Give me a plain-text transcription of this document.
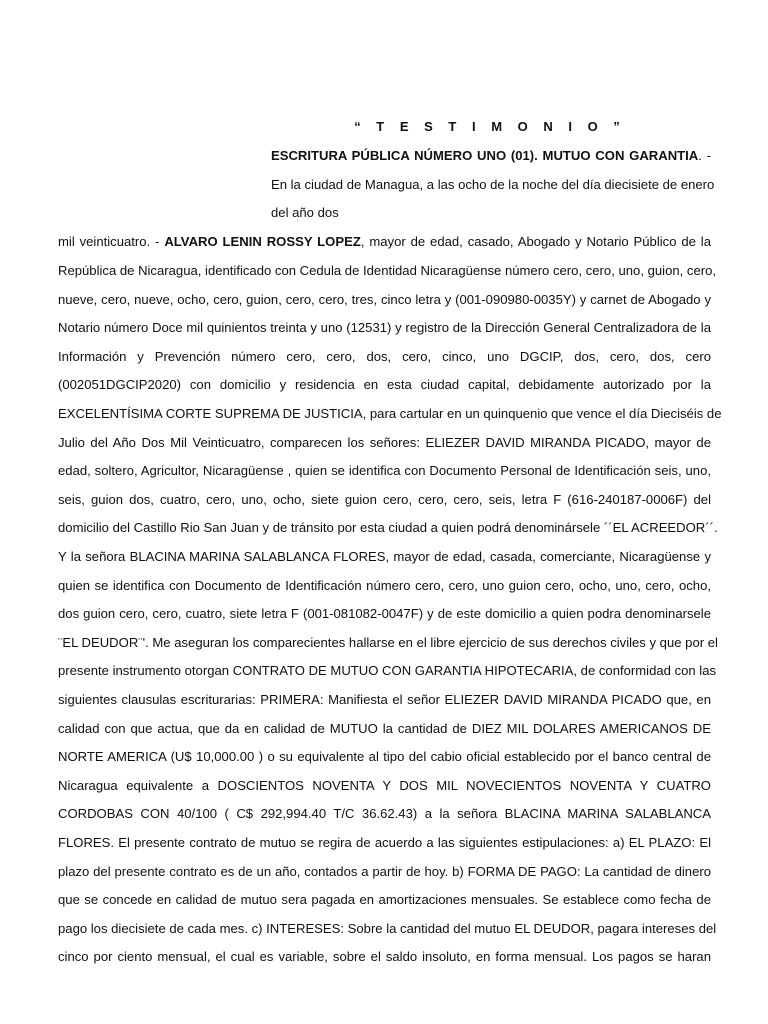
“ T E S T I M O N I O ”
ESCRITURA PÚBLICA NÚMERO UNO (01). MUTUO CON GARANTIA. -
En la ciudad de Managua, a las ocho de la noche del día diecisiete de enero
del año dos
mil veinticuatro. - ALVARO LENIN ROSSY LOPEZ, mayor de edad, casado, Abogado y Notario Público de la
República de Nicaragua, identificado con Cedula de Identidad Nicaragüense número cero, cero, uno, guion, cero,
nueve, cero, nueve, ocho, cero, guion, cero, cero, tres, cinco letra y (001-090980-0035Y) y carnet de Abogado y
Notario número Doce mil quinientos treinta y uno (12531) y registro de la Dirección General Centralizadora de la
Información y Prevención número cero, cero, dos, cero, cinco, uno DGCIP, dos, cero, dos, cero
(002051DGCIP2020) con domicilio y residencia en esta ciudad capital, debidamente autorizado por la
EXCELENTÍSIMA CORTE SUPREMA DE JUSTICIA, para cartular en un quinquenio que vence el día Dieciséis de
Julio del Año Dos Mil Veinticuatro, comparecen los señores: ELIEZER DAVID MIRANDA PICADO, mayor de
edad, soltero, Agricultor, Nicaragüense , quien se identifica con Documento Personal de Identificación seis, uno,
seis, guion dos, cuatro, cero, uno, ocho, siete guion cero, cero, cero, seis, letra F (616-240187-0006F) del
domicilio del Castillo Rio San Juan y de tránsito por esta ciudad a quien podrá denominársele ´´EL ACREEDOR´´.
Y la señora BLACINA MARINA SALABLANCA FLORES, mayor de edad, casada, comerciante, Nicaragüense y
quien se identifica con Documento de Identificación número cero, cero, uno guion cero, ocho, uno, cero, ocho,
dos guion cero, cero, cuatro, siete letra F (001-081082-0047F) y de este domicilio a quien podra denominarsele
¨EL DEUDOR¨'. Me aseguran los comparecientes hallarse en el libre ejercicio de sus derechos civiles y que por el
presente instrumento otorgan CONTRATO DE MUTUO CON GARANTIA HIPOTECARIA, de conformidad con las
siguientes clausulas escriturarias: PRIMERA: Manifiesta el señor ELIEZER DAVID MIRANDA PICADO que, en
calidad con que actua, que da en calidad de MUTUO la cantidad de DIEZ MIL DOLARES AMERICANOS DE
NORTE AMERICA (U$ 10,000.00 ) o su equivalente al tipo del cabio oficial establecido por el banco central de
Nicaragua equivalente a DOSCIENTOS NOVENTA Y DOS MIL NOVECIENTOS NOVENTA Y CUATRO
CORDOBAS CON 40/100 ( C$ 292,994.40 T/C 36.62.43) a la señora BLACINA MARINA SALABLANCA
FLORES. El presente contrato de mutuo se regira de acuerdo a las siguientes estipulaciones: a) EL PLAZO: El
plazo del presente contrato es de un año, contados a partir de hoy. b) FORMA DE PAGO: La cantidad de dinero
que se concede en calidad de mutuo sera pagada en amortizaciones mensuales. Se establece como fecha de
pago los diecisiete de cada mes. c) INTERESES: Sobre la cantidad del mutuo EL DEUDOR, pagara intereses del
cinco por ciento mensual, el cual es variable, sobre el saldo insoluto, en forma mensual. Los pagos se haran
